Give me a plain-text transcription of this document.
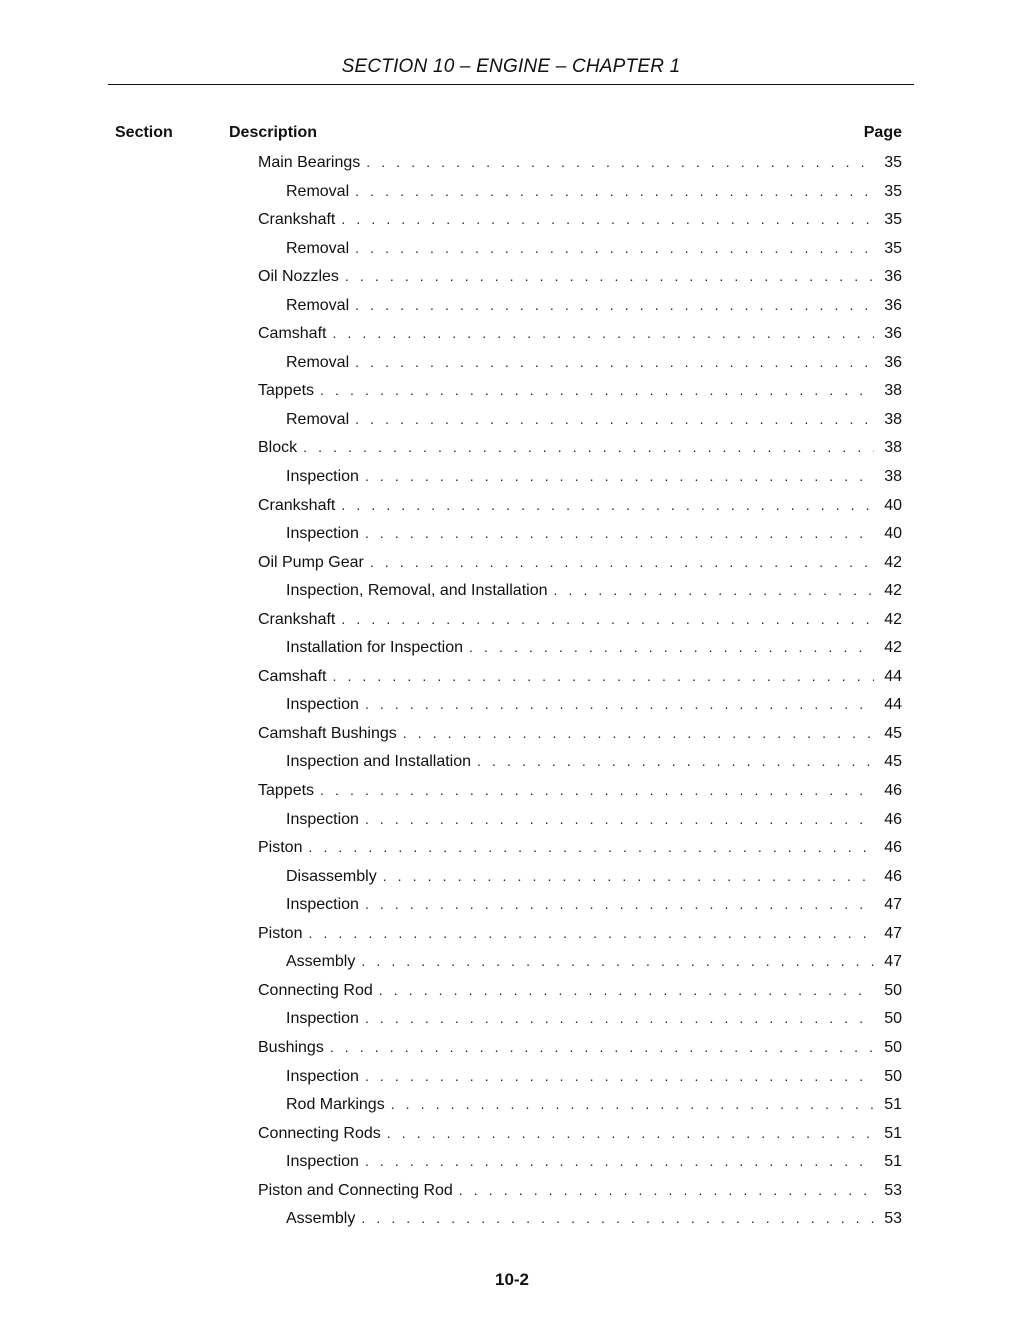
SECTION 10 – ENGINE – CHAPTER 1
Section	Description	Page
Main Bearings . . .	35
Removal . . .	35
Crankshaft . . .	35
Removal . . .	35
Oil Nozzles . . .	36
Removal . . .	36
Camshaft . . .	36
Removal . . .	36
Tappets . . .	38
Removal . . .	38
Block . . .	38
Inspection . . .	38
Crankshaft . . .	40
Inspection . . .	40
Oil Pump Gear . . .	42
Inspection, Removal, and Installation . . .	42
Crankshaft . . .	42
Installation for Inspection . . .	42
Camshaft . . .	44
Inspection . . .	44
Camshaft Bushings . . .	45
Inspection and Installation . . .	45
Tappets . . .	46
Inspection . . .	46
Piston . . .	46
Disassembly . . .	46
Inspection . . .	47
Piston . . .	47
Assembly . . .	47
Connecting Rod . . .	50
Inspection . . .	50
Bushings . . .	50
Inspection . . .	50
Rod Markings . . .	51
Connecting Rods . . .	51
Inspection . . .	51
Piston and Connecting Rod . . .	53
Assembly . . .	53
10-2
